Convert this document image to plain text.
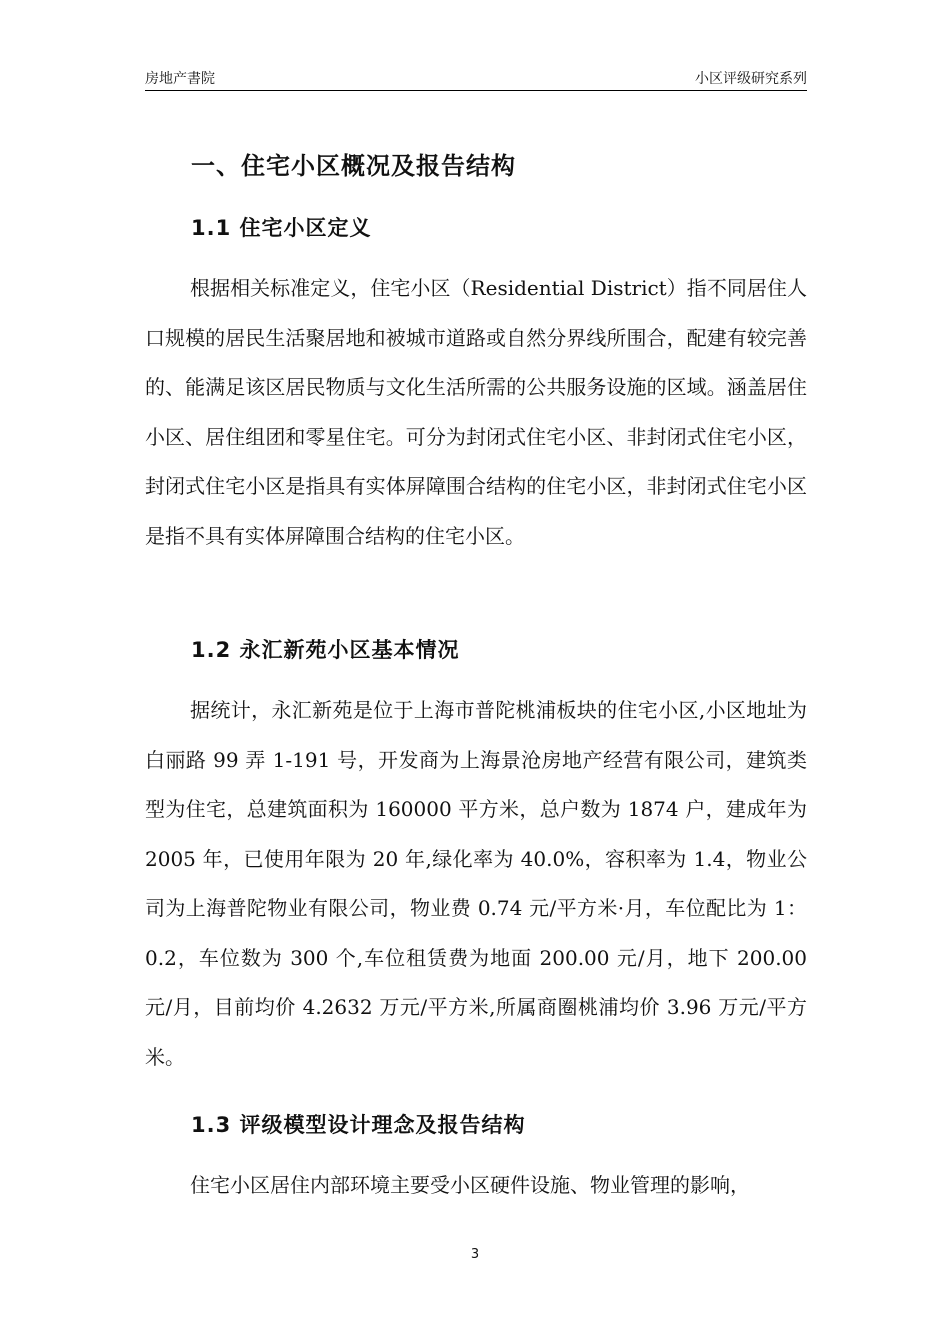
房地产書院	小区评级研究系列
一、住宅小区概况及报告结构
1.1 住宅小区定义

根据相关标准定义，住宅小区（Residential District）指不同居住人口规模的居民生活聚居地和被城市道路或自然分界线所围合，配建有较完善的、能满足该区居民物质与文化生活所需的公共服务设施的区域。涵盖居住小区、居住组团和零星住宅。可分为封闭式住宅小区、非封闭式住宅小区，封闭式住宅小区是指具有实体屏障围合结构的住宅小区，非封闭式住宅小区是指不具有实体屏障围合结构的住宅小区。

1.2 永汇新苑小区基本情况

据统计，永汇新苑是位于上海市普陀桃浦板块的住宅小区,小区地址为白丽路 99 弄 1-191 号，开发商为上海景沧房地产经营有限公司，建筑类型为住宅，总建筑面积为 160000 平方米，总户数为 1874 户，建成年为 2005 年，已使用年限为 20 年,绿化率为 40.0%，容积率为 1.4，物业公司为上海普陀物业有限公司，物业费 0.74 元/平方米·月，车位配比为 1：0.2，车位数为 300 个,车位租赁费为地面 200.00 元/月，地下 200.00 元/月，目前均价 4.2632 万元/平方米,所属商圈桃浦均价 3.96 万元/平方米。

1.3 评级模型设计理念及报告结构

住宅小区居住内部环境主要受小区硬件设施、物业管理的影响，

3
